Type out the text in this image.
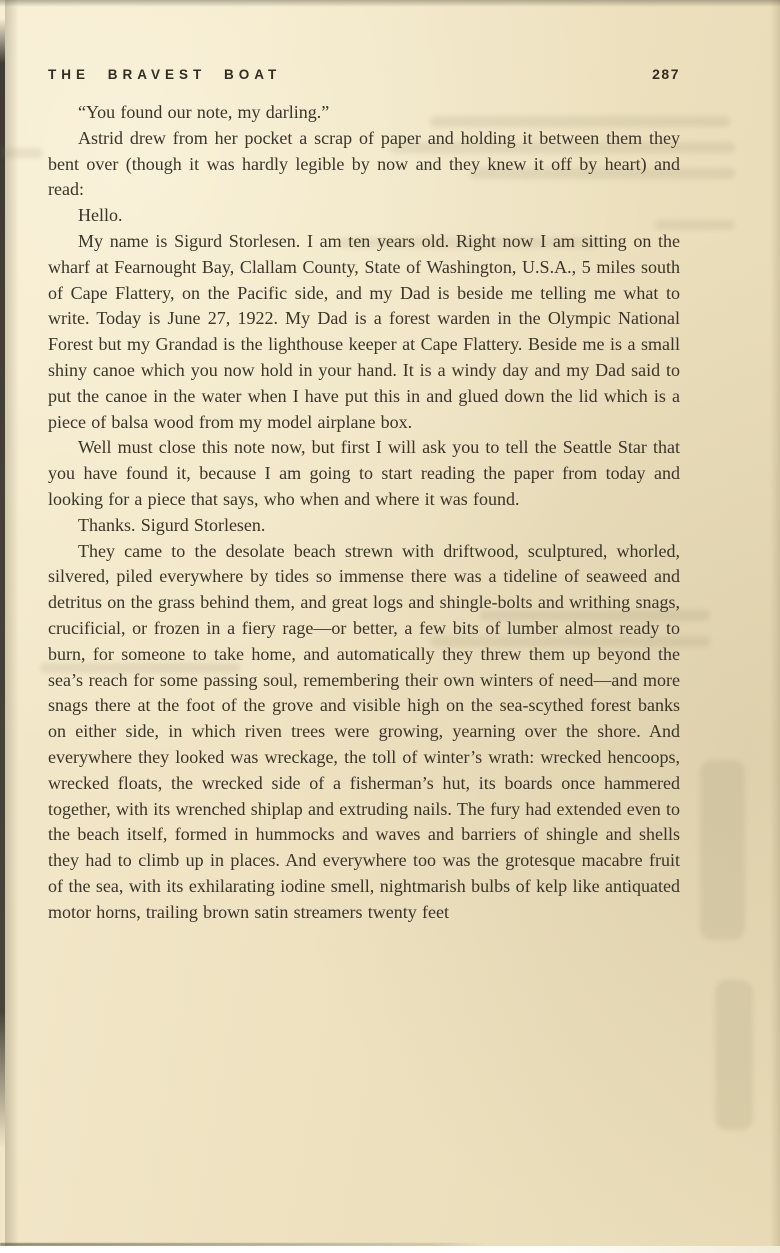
THE BRAVEST BOAT	287

“You found our note, my darling.”

Astrid drew from her pocket a scrap of paper and holding it between them they bent over (though it was hardly legible by now and they knew it off by heart) and read:

Hello.

My name is Sigurd Storlesen. I am ten years old. Right now I am sitting on the wharf at Fearnought Bay, Clallam County, State of Washington, U.S.A., 5 miles south of Cape Flattery, on the Pacific side, and my Dad is beside me telling me what to write. Today is June 27, 1922. My Dad is a forest warden in the Olympic National Forest but my Grandad is the lighthouse keeper at Cape Flattery. Beside me is a small shiny canoe which you now hold in your hand. It is a windy day and my Dad said to put the canoe in the water when I have put this in and glued down the lid which is a piece of balsa wood from my model airplane box.

Well must close this note now, but first I will ask you to tell the Seattle Star that you have found it, because I am going to start reading the paper from today and looking for a piece that says, who when and where it was found.

Thanks. Sigurd Storlesen.

They came to the desolate beach strewn with driftwood, sculptured, whorled, silvered, piled everywhere by tides so immense there was a tideline of seaweed and detritus on the grass behind them, and great logs and shingle-bolts and writhing snags, crucificial, or frozen in a fiery rage—or better, a few bits of lumber almost ready to burn, for someone to take home, and automatically they threw them up beyond the sea’s reach for some passing soul, remembering their own winters of need—and more snags there at the foot of the grove and visible high on the sea-scythed forest banks on either side, in which riven trees were growing, yearning over the shore. And everywhere they looked was wreckage, the toll of winter’s wrath: wrecked hencoops, wrecked floats, the wrecked side of a fisherman’s hut, its boards once hammered together, with its wrenched shiplap and extruding nails. The fury had extended even to the beach itself, formed in hummocks and waves and barriers of shingle and shells they had to climb up in places. And everywhere too was the grotesque macabre fruit of the sea, with its exhilarating iodine smell, nightmarish bulbs of kelp like antiquated motor horns, trailing brown satin streamers twenty feet
